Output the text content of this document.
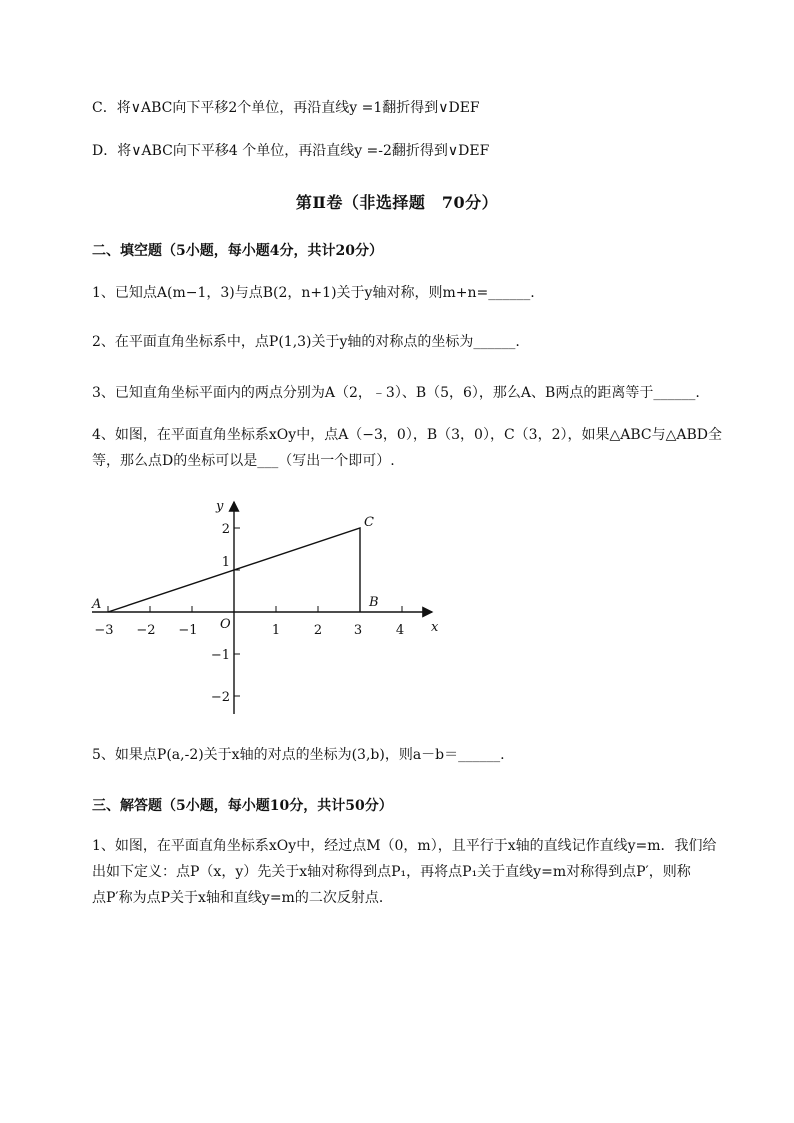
C．将∨ABC向下平移2个单位，再沿直线y =1翻折得到∨DEF
D．将∨ABC向下平移4 个单位，再沿直线y =-2翻折得到∨DEF
第Ⅱ卷（非选择题　70分）
二、填空题（5小题，每小题4分，共计20分）
1、已知点A(m−1，3)与点B(2，n+1)关于y轴对称，则m+n=______.
2、在平面直角坐标系中，点P(1,3)关于y轴的对称点的坐标为______.
3、已知直角坐标平面内的两点分别为A（2，﹣3）、B（5，6），那么A、B两点的距离等于______.
4、如图，在平面直角坐标系xOy中，点A（−3，0），B（3，0），C（3，2），如果△ABC与△ABD全
等，那么点D的坐标可以是___（写出一个即可）.
−3 −2 −1	1	2 3	4
2
1
−1
−2
x
y
O
A	B
C
5、如果点P(a,-2)关于x轴的对点的坐标为(3,b)，则a－b＝______.
三、解答题（5小题，每小题10分，共计50分）
1、如图，在平面直角坐标系xOy中，经过点M（0，m），且平行于x轴的直线记作直线y=m．我们给
出如下定义：点P（x，y）先关于x轴对称得到点P₁，再将点P₁关于直线y=m对称得到点P′，则称
点P′称为点P关于x轴和直线y=m的二次反射点．
